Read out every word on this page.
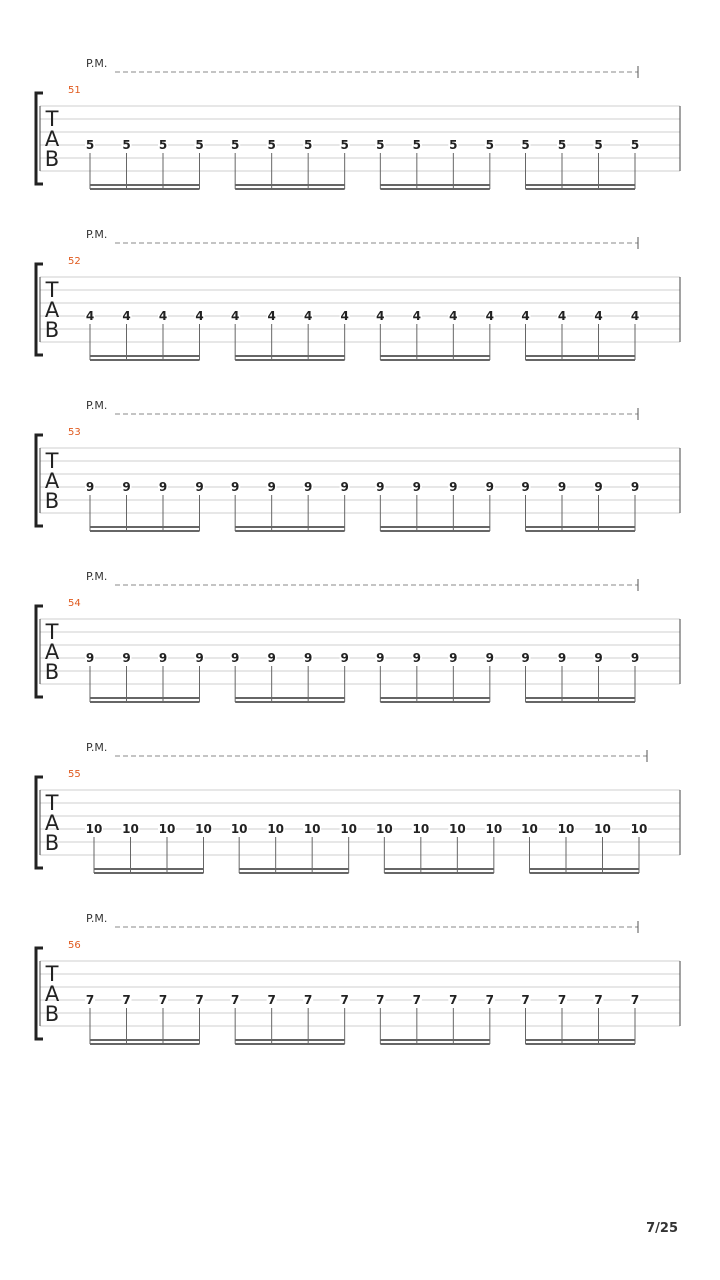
P.M.
51
T
A
B
5 5 5 5 5 5 5 5 5 5 5 5 5 5 5 5
P.M.
52
T
A
B
4 4 4 4 4 4 4 4 4 4 4 4 4 4 4 4
P.M.
53
T
A
B
9 9 9 9 9 9 9 9 9 9 9 9 9 9 9 9
P.M.
54
T
A
B
9 9 9 9 9 9 9 9 9 9 9 9 9 9 9 9
P.M.
55
T
A
B
10 10 10 10 10 10 10 10 10 10 10 10 10 10 10 10
P.M.
56
T
A
B
7 7 7 7 7 7 7 7 7 7 7 7 7 7 7 7
7/25
